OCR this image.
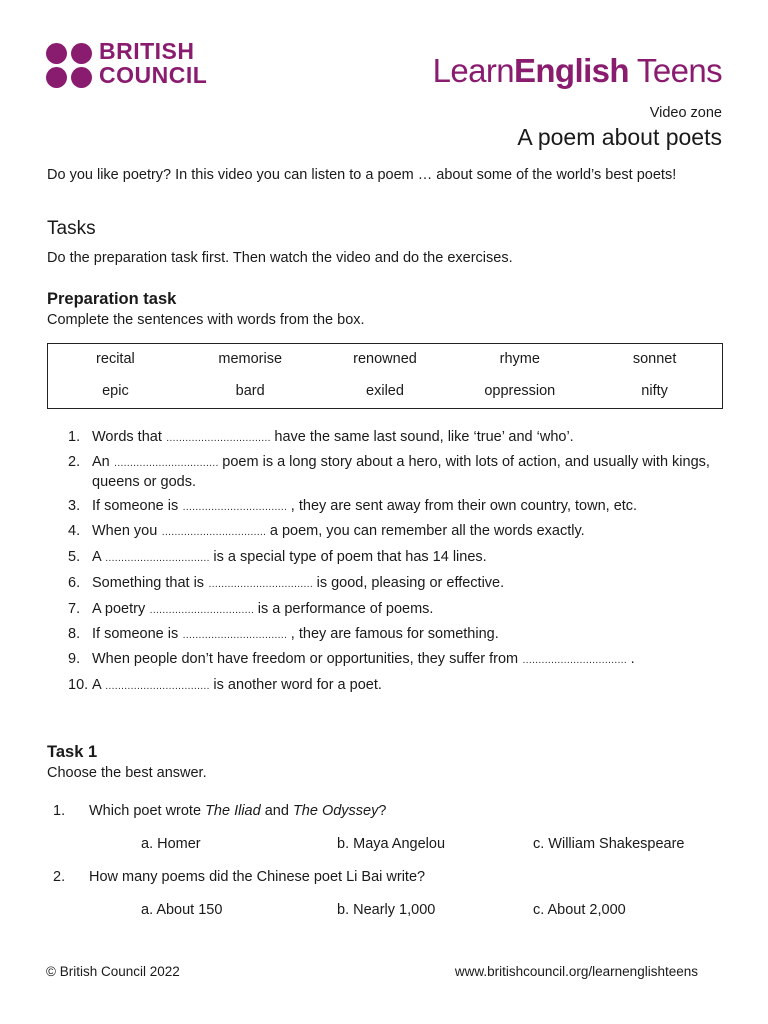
BRITISH
COUNCIL	LearnEnglish Teens
Video zone
A poem about poets
Do you like poetry? In this video you can listen to a poem … about some of the world’s best poets!
Tasks
Do the preparation task first. Then watch the video and do the exercises.
Preparation task
Complete the sentences with words from the box.
recital	memorise	renowned	rhyme	sonnet
epic	bard	exiled	oppression	nifty
1. Words that …………………………… have the same last sound, like ‘true’ and ‘who’.
2. An …………………………… poem is a long story about a hero, with lots of action, and usually with kings, queens or gods.
3. If someone is …………………………… , they are sent away from their own country, town, etc.
4. When you …………………………… a poem, you can remember all the words exactly.
5. A …………………………… is a special type of poem that has 14 lines.
6. Something that is …………………………… is good, pleasing or effective.
7. A poetry …………………………… is a performance of poems.
8. If someone is …………………………… , they are famous for something.
9. When people don’t have freedom or opportunities, they suffer from …………………………… .
10. A …………………………… is another word for a poet.
Task 1
Choose the best answer.
1. Which poet wrote The Iliad and The Odyssey?
a. Homer	b. Maya Angelou	c. William Shakespeare
2. How many poems did the Chinese poet Li Bai write?
a. About 150	b. Nearly 1,000	c. About 2,000
© British Council 2022	www.britishcouncil.org/learnenglishteens
